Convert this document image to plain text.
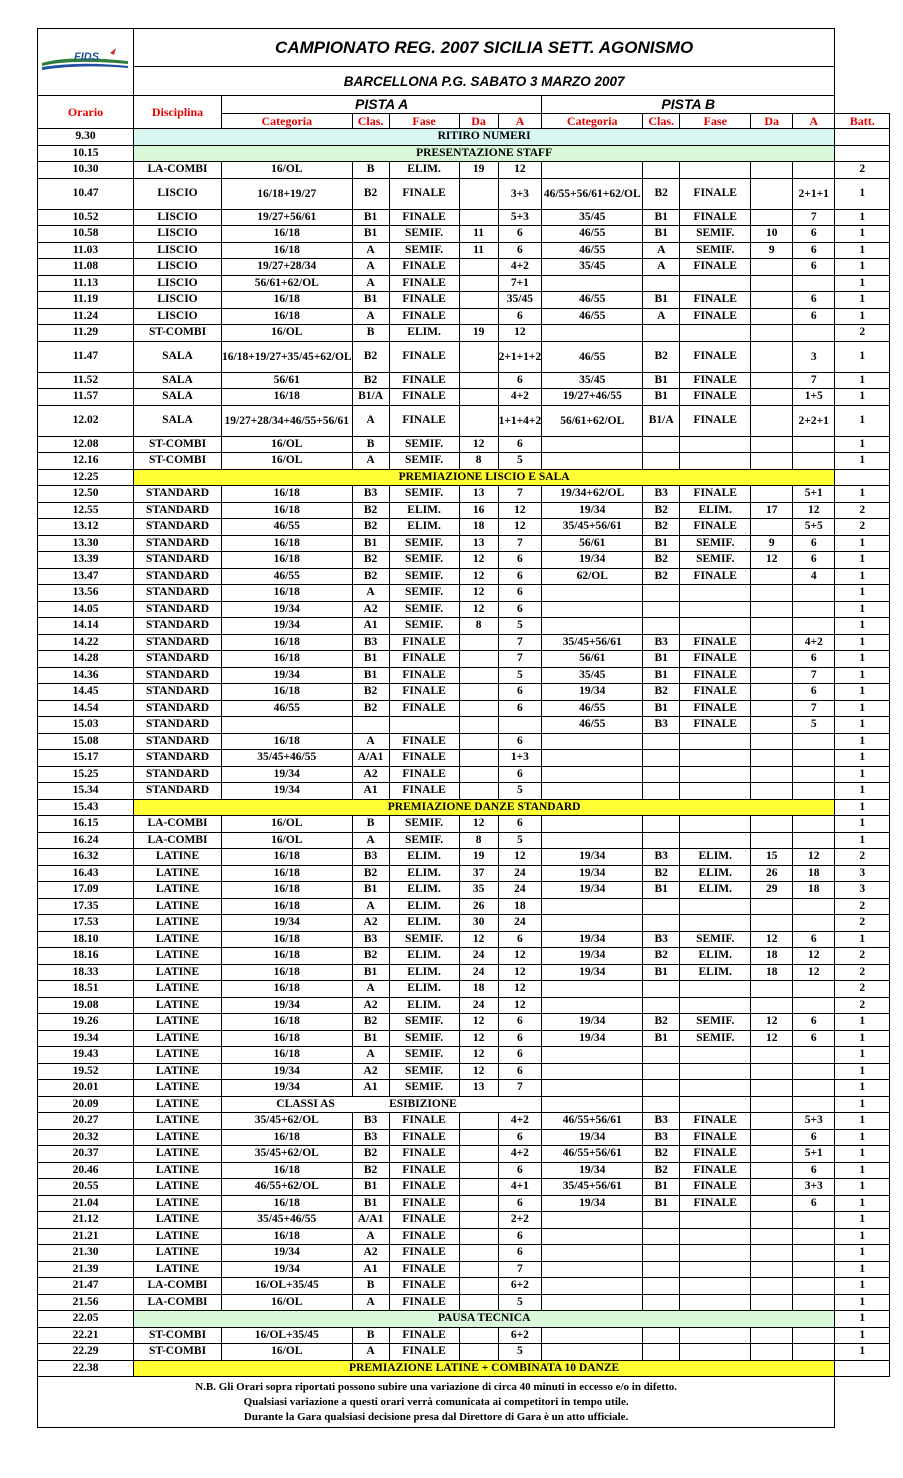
FIDS	CAMPIONATO REG. 2007 SICILIA SETT. AGONISMO											
	BARCELLONA P.G. SABATO 3 MARZO 2007											
Orario	Disciplina	PISTA A					PISTA B					
		Categoria	Clas.	Fase	Da	A	Categoria	Clas.	Fase	Da	A	Batt.
9.30	RITIRO NUMERI											
10.15	PRESENTAZIONE STAFF											
10.30	LA-COMBI	16/OL	B	ELIM.	19	12						2
10.47	LISCIO	16/18+19/27	B2	FINALE		3+3	46/55+56/61+62/OL	B2	FINALE		2+1+1	1
10.52	LISCIO	19/27+56/61	B1	FINALE		5+3	35/45	B1	FINALE		7	1
10.58	LISCIO	16/18	B1	SEMIF.	11	6	46/55	B1	SEMIF.	10	6	1
11.03	LISCIO	16/18	A	SEMIF.	11	6	46/55	A	SEMIF.	9	6	1
11.08	LISCIO	19/27+28/34	A	FINALE		4+2	35/45	A	FINALE		6	1
11.13	LISCIO	56/61+62/OL	A	FINALE		7+1						1
11.19	LISCIO	16/18	B1	FINALE		35/45	46/55	B1	FINALE		6	1
11.24	LISCIO	16/18	A	FINALE		6	46/55	A	FINALE		6	1
11.29	ST-COMBI	16/OL	B	ELIM.	19	12						2
11.47	SALA	16/18+19/27+35/45+62/OL	B2	FINALE		2+1+1+2	46/55	B2	FINALE		3	1
11.52	SALA	56/61	B2	FINALE		6	35/45	B1	FINALE		7	1
11.57	SALA	16/18	B1/A	FINALE		4+2	19/27+46/55	B1	FINALE		1+5	1
12.02	SALA	19/27+28/34+46/55+56/61	A	FINALE		1+1+4+2	56/61+62/OL	B1/A	FINALE		2+2+1	1
12.08	ST-COMBI	16/OL	B	SEMIF.	12	6						1
12.16	ST-COMBI	16/OL	A	SEMIF.	8	5						1
12.25	PREMIAZIONE LISCIO E SALA											
12.50	STANDARD	16/18	B3	SEMIF.	13	7	19/34+62/OL	B3	FINALE		5+1	1
12.55	STANDARD	16/18	B2	ELIM.	16	12	19/34	B2	ELIM.	17	12	2
13.12	STANDARD	46/55	B2	ELIM.	18	12	35/45+56/61	B2	FINALE		5+5	2
13.30	STANDARD	16/18	B1	SEMIF.	13	7	56/61	B1	SEMIF.	9	6	1
13.39	STANDARD	16/18	B2	SEMIF.	12	6	19/34	B2	SEMIF.	12	6	1
13.47	STANDARD	46/55	B2	SEMIF.	12	6	62/OL	B2	FINALE		4	1
13.56	STANDARD	16/18	A	SEMIF.	12	6						1
14.05	STANDARD	19/34	A2	SEMIF.	12	6						1
14.14	STANDARD	19/34	A1	SEMIF.	8	5						1
14.22	STANDARD	16/18	B3	FINALE		7	35/45+56/61	B3	FINALE		4+2	1
14.28	STANDARD	16/18	B1	FINALE		7	56/61	B1	FINALE		6	1
14.36	STANDARD	19/34	B1	FINALE		5	35/45	B1	FINALE		7	1
14.45	STANDARD	16/18	B2	FINALE		6	19/34	B2	FINALE		6	1
14.54	STANDARD	46/55	B2	FINALE		6	46/55	B1	FINALE		7	1
15.03	STANDARD						46/55	B3	FINALE		5	1
15.08	STANDARD	16/18	A	FINALE		6						1
15.17	STANDARD	35/45+46/55	A/A1	FINALE		1+3						1
15.25	STANDARD	19/34	A2	FINALE		6						1
15.34	STANDARD	19/34	A1	FINALE		5						1
15.43	PREMIAZIONE DANZE STANDARD											1
16.15	LA-COMBI	16/OL	B	SEMIF.	12	6						1
16.24	LA-COMBI	16/OL	A	SEMIF.	8	5						1
16.32	LATINE	16/18	B3	ELIM.	19	12	19/34	B3	ELIM.	15	12	2
16.43	LATINE	16/18	B2	ELIM.	37	24	19/34	B2	ELIM.	26	18	3
17.09	LATINE	16/18	B1	ELIM.	35	24	19/34	B1	ELIM.	29	18	3
17.35	LATINE	16/18	A	ELIM.	26	18						2
17.53	LATINE	19/34	A2	ELIM.	30	24						2
18.10	LATINE	16/18	B3	SEMIF.	12	6	19/34	B3	SEMIF.	12	6	1
18.16	LATINE	16/18	B2	ELIM.	24	12	19/34	B2	ELIM.	18	12	2
18.33	LATINE	16/18	B1	ELIM.	24	12	19/34	B1	ELIM.	18	12	2
18.51	LATINE	16/18	A	ELIM.	18	12						2
19.08	LATINE	19/34	A2	ELIM.	24	12						2
19.26	LATINE	16/18	B2	SEMIF.	12	6	19/34	B2	SEMIF.	12	6	1
19.34	LATINE	16/18	B1	SEMIF.	12	6	19/34	B1	SEMIF.	12	6	1
19.43	LATINE	16/18	A	SEMIF.	12	6						1
19.52	LATINE	19/34	A2	SEMIF.	12	6						1
20.01	LATINE	19/34	A1	SEMIF.	13	7						1
20.09	LATINE	CLASSI AS		ESIBIZIONE								1
20.27	LATINE	35/45+62/OL	B3	FINALE		4+2	46/55+56/61	B3	FINALE		5+3	1
20.32	LATINE	16/18	B3	FINALE		6	19/34	B3	FINALE		6	1
20.37	LATINE	35/45+62/OL	B2	FINALE		4+2	46/55+56/61	B2	FINALE		5+1	1
20.46	LATINE	16/18	B2	FINALE		6	19/34	B2	FINALE		6	1
20.55	LATINE	46/55+62/OL	B1	FINALE		4+1	35/45+56/61	B1	FINALE		3+3	1
21.04	LATINE	16/18	B1	FINALE		6	19/34	B1	FINALE		6	1
21.12	LATINE	35/45+46/55	A/A1	FINALE		2+2						1
21.21	LATINE	16/18	A	FINALE		6						1
21.30	LATINE	19/34	A2	FINALE		6						1
21.39	LATINE	19/34	A1	FINALE		7						1
21.47	LA-COMBI	16/OL+35/45	B	FINALE		6+2						1
21.56	LA-COMBI	16/OL	A	FINALE		5						1
22.05	PAUSA TECNICA											1
22.21	ST-COMBI	16/OL+35/45	B	FINALE		6+2						1
22.29	ST-COMBI	16/OL	A	FINALE		5						1
22.38	PREMIAZIONE LATINE + COMBINATA 10 DANZE											

N.B. Gli Orari sopra riportati possono subire una variazione di circa 40 minuti in eccesso e/o in difetto.
Qualsiasi variazione a questi orari verrà comunicata ai competitori in tempo utile.
Durante la Gara qualsiasi decisione presa dal Direttore di Gara è un atto ufficiale.												
